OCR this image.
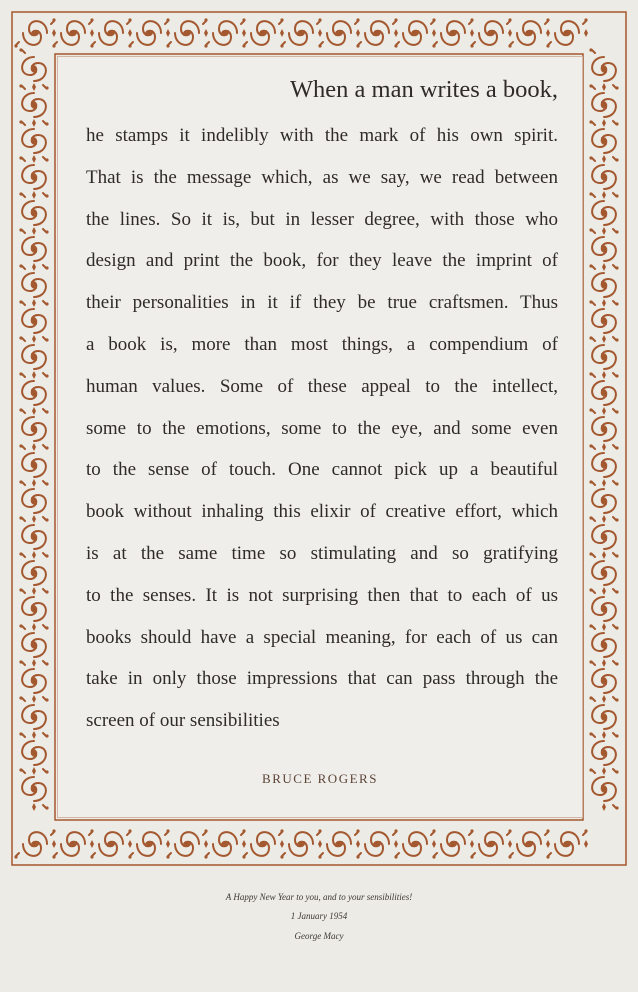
When a man writes a book,
he stamps it indelibly with the mark of his own spirit.
That is the message which, as we say, we read between
the lines. So it is, but in lesser degree, with those who
design and print the book, for they leave the imprint of
their personalities in it if they be true craftsmen. Thus
a book is, more than most things, a compendium of
human values. Some of these appeal to the intellect,
some to the emotions, some to the eye, and some even
to the sense of touch. One cannot pick up a beautiful
book without inhaling this elixir of creative effort, which
is at the same time so stimulating and so gratifying
to the senses. It is not surprising then that to each of us
books should have a special meaning, for each of us can
take in only those impressions that can pass through the
screen of our sensibilities
BRUCE ROGERS
A Happy New Year to you, and to your sensibilities!
1 January 1954
George Macy
